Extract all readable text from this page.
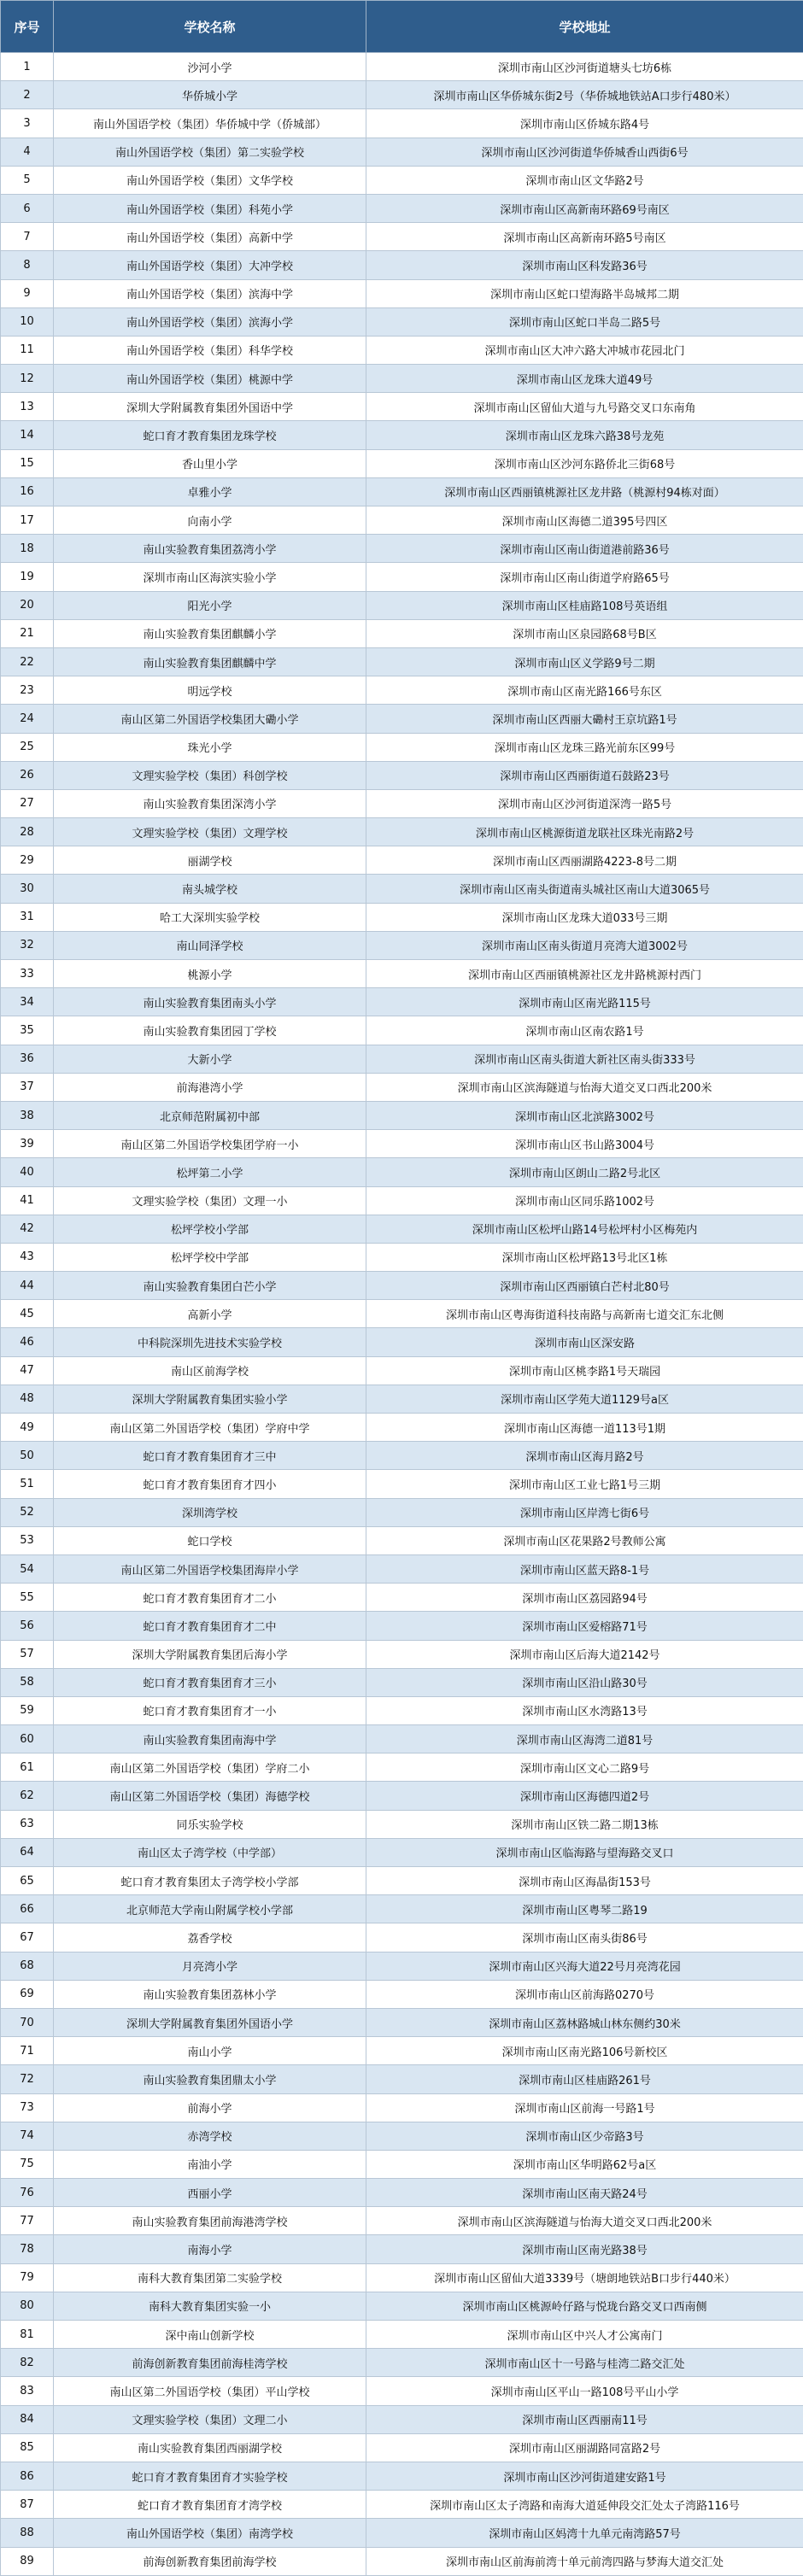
序号	学校名称	学校地址
1	沙河小学	深圳市南山区沙河街道塘头七坊6栋
2	华侨城小学	深圳市南山区华侨城东街2号（华侨城地铁站A口步行480米）
3	南山外国语学校（集团）华侨城中学（侨城部）	深圳市南山区侨城东路4号
4	南山外国语学校（集团）第二实验学校	深圳市南山区沙河街道华侨城香山西街6号
5	南山外国语学校（集团）文华学校	深圳市南山区文华路2号
6	南山外国语学校（集团）科苑小学	深圳市南山区高新南环路69号南区
7	南山外国语学校（集团）高新中学	深圳市南山区高新南环路5号南区
8	南山外国语学校（集团）大冲学校	深圳市南山区科发路36号
9	南山外国语学校（集团）滨海中学	深圳市南山区蛇口望海路半岛城邦二期
10	南山外国语学校（集团）滨海小学	深圳市南山区蛇口半岛二路5号
11	南山外国语学校（集团）科华学校	深圳市南山区大冲六路大冲城市花园北门
12	南山外国语学校（集团）桃源中学	深圳市南山区龙珠大道49号
13	深圳大学附属教育集团外国语中学	深圳市南山区留仙大道与九号路交叉口东南角
14	蛇口育才教育集团龙珠学校	深圳市南山区龙珠六路38号龙苑
15	香山里小学	深圳市南山区沙河东路侨北三街68号
16	卓雅小学	深圳市南山区西丽镇桃源社区龙井路（桃源村94栋对面）
17	向南小学	深圳市南山区海德二道395号四区
18	南山实验教育集团荔湾小学	深圳市南山区南山街道港前路36号
19	深圳市南山区海滨实验小学	深圳市南山区南山街道学府路65号
20	阳光小学	深圳市南山区桂庙路108号英语组
21	南山实验教育集团麒麟小学	深圳市南山区泉园路68号B区
22	南山实验教育集团麒麟中学	深圳市南山区义学路9号二期
23	明远学校	深圳市南山区南光路166号东区
24	南山区第二外国语学校集团大磡小学	深圳市南山区西丽大磡村王京坑路1号
25	珠光小学	深圳市南山区龙珠三路光前东区99号
26	文理实验学校（集团）科创学校	深圳市南山区西丽街道石鼓路23号
27	南山实验教育集团深湾小学	深圳市南山区沙河街道深湾一路5号
28	文理实验学校（集团）文理学校	深圳市南山区桃源街道龙联社区珠光南路2号
29	丽湖学校	深圳市南山区西丽湖路4223-8号二期
30	南头城学校	深圳市南山区南头街道南头城社区南山大道3065号
31	哈工大深圳实验学校	深圳市南山区龙珠大道033号三期
32	南山同泽学校	深圳市南山区南头街道月亮湾大道3002号
33	桃源小学	深圳市南山区西丽镇桃源社区龙井路桃源村西门
34	南山实验教育集团南头小学	深圳市南山区南光路115号
35	南山实验教育集团园丁学校	深圳市南山区南农路1号
36	大新小学	深圳市南山区南头街道大新社区南头街333号
37	前海港湾小学	深圳市南山区滨海隧道与怡海大道交叉口西北200米
38	北京师范附属初中部	深圳市南山区北滨路3002号
39	南山区第二外国语学校集团学府一小	深圳市南山区书山路3004号
40	松坪第二小学	深圳市南山区朗山二路2号北区
41	文理实验学校（集团）文理一小	深圳市南山区同乐路1002号
42	松坪学校小学部	深圳市南山区松坪山路14号松坪村小区梅苑内
43	松坪学校中学部	深圳市南山区松坪路13号北区1栋
44	南山实验教育集团白芒小学	深圳市南山区西丽镇白芒村北80号
45	高新小学	深圳市南山区粤海街道科技南路与高新南七道交汇东北侧
46	中科院深圳先进技术实验学校	深圳市南山区深安路
47	南山区前海学校	深圳市南山区桃李路1号天瑞园
48	深圳大学附属教育集团实验小学	深圳市南山区学苑大道1129号a区
49	南山区第二外国语学校（集团）学府中学	深圳市南山区海德一道113号1期
50	蛇口育才教育集团育才三中	深圳市南山区海月路2号
51	蛇口育才教育集团育才四小	深圳市南山区工业七路1号三期
52	深圳湾学校	深圳市南山区岸湾七街6号
53	蛇口学校	深圳市南山区花果路2号教师公寓
54	南山区第二外国语学校集团海岸小学	深圳市南山区蓝天路8-1号
55	蛇口育才教育集团育才二小	深圳市南山区荔园路94号
56	蛇口育才教育集团育才二中	深圳市南山区爱榕路71号
57	深圳大学附属教育集团后海小学	深圳市南山区后海大道2142号
58	蛇口育才教育集团育才三小	深圳市南山区沿山路30号
59	蛇口育才教育集团育才一小	深圳市南山区水湾路13号
60	南山实验教育集团南海中学	深圳市南山区海湾二道81号
61	南山区第二外国语学校（集团）学府二小	深圳市南山区文心二路9号
62	南山区第二外国语学校（集团）海德学校	深圳市南山区海德四道2号
63	同乐实验学校	深圳市南山区铁二路二期13栋
64	南山区太子湾学校（中学部）	深圳市南山区临海路与望海路交叉口
65	蛇口育才教育集团太子湾学校小学部	深圳市南山区海晶街153号
66	北京师范大学南山附属学校小学部	深圳市南山区粤琴二路19
67	荔香学校	深圳市南山区南头街86号
68	月亮湾小学	深圳市南山区兴海大道22号月亮湾花园
69	南山实验教育集团荔林小学	深圳市南山区前海路0270号
70	深圳大学附属教育集团外国语小学	深圳市南山区荔林路城山林东侧约30米
71	南山小学	深圳市南山区南光路106号新校区
72	南山实验教育集团鼎太小学	深圳市南山区桂庙路261号
73	前海小学	深圳市南山区前海一号路1号
74	赤湾学校	深圳市南山区少帝路3号
75	南油小学	深圳市南山区华明路62号a区
76	西丽小学	深圳市南山区南天路24号
77	南山实验教育集团前海港湾学校	深圳市南山区滨海隧道与怡海大道交叉口西北200米
78	南海小学	深圳市南山区南光路38号
79	南科大教育集团第二实验学校	深圳市南山区留仙大道3339号（塘朗地铁站B口步行440米）
80	南科大教育集团实验一小	深圳市南山区桃源岭仔路与悦珑台路交叉口西南侧
81	深中南山创新学校	深圳市南山区中兴人才公寓南门
82	前海创新教育集团前海桂湾学校	深圳市南山区十一号路与桂湾二路交汇处
83	南山区第二外国语学校（集团）平山学校	深圳市南山区平山一路108号平山小学
84	文理实验学校（集团）文理二小	深圳市南山区西丽南11号
85	南山实验教育集团西丽湖学校	深圳市南山区丽湖路同富路2号
86	蛇口育才教育集团育才实验学校	深圳市南山区沙河街道建安路1号
87	蛇口育才教育集团育才湾学校	深圳市南山区太子湾路和南海大道延伸段交汇处太子湾路116号
88	南山外国语学校（集团）南湾学校	深圳市南山区妈湾十九单元南湾路57号
89	前海创新教育集团前海学校	深圳市南山区前海前湾十单元前湾四路与梦海大道交汇处
